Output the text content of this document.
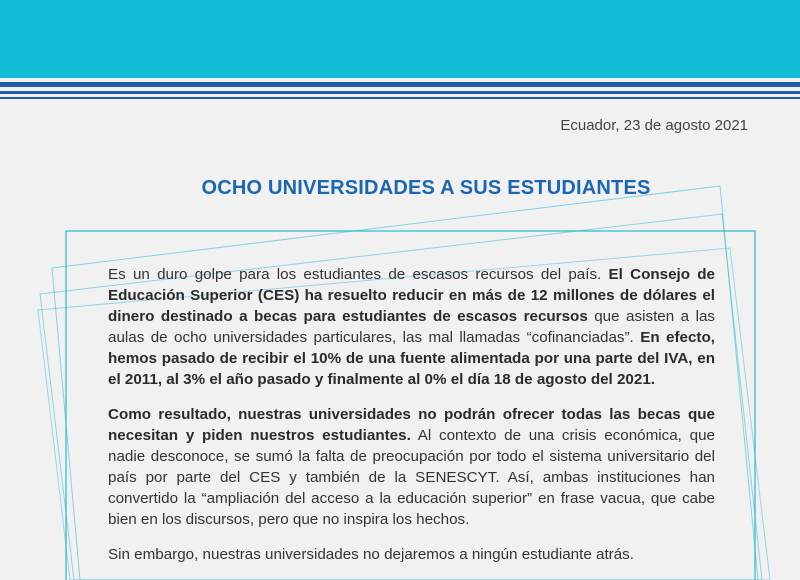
Ecuador, 23 de agosto 2021
OCHO UNIVERSIDADES A SUS ESTUDIANTES

Es un duro golpe para los estudiantes de escasos recursos del país. El Consejo de Educación Superior (CES) ha resuelto reducir en más de 12 millones de dólares el dinero destinado a becas para estudiantes de escasos recursos que asisten a las aulas de ocho universidades particulares, las mal llamadas “cofinanciadas”. En efecto, hemos pasado de recibir el 10% de una fuente alimentada por una parte del IVA, en el 2011, al 3% el año pasado y finalmente al 0% el día 18 de agosto del 2021.

Como resultado, nuestras universidades no podrán ofrecer todas las becas que necesitan y piden nuestros estudiantes. Al contexto de una crisis económica, que nadie desconoce, se sumó la falta de preocupación por todo el sistema universitario del país por parte del CES y también de la SENESCYT. Así, ambas instituciones han convertido la “ampliación del acceso a la educación superior” en frase vacua, que cabe bien en los discursos, pero que no inspira los hechos.

Sin embargo, nuestras universidades no dejaremos a ningún estudiante atrás.
